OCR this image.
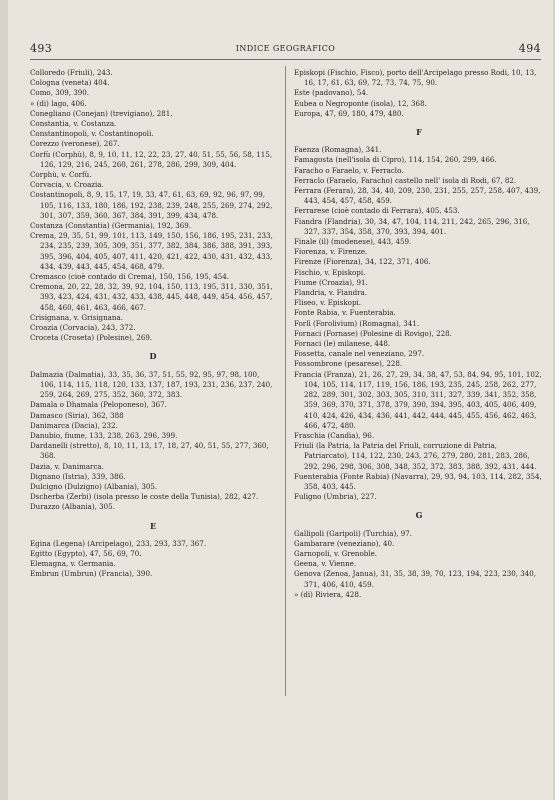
493	INDICE GEOGRAFICO	494
Colloredo (Friuli), 243.
Cologna (veneta) 404.
Como, 309, 390.
» (di) lago, 406.
Conegliano (Conejan) (trevigiano), 281.
Constantia, v. Costanza.
Constantinopoli, v. Costantinopoli.
Corezzo (veronese), 267.
Corfù (Corphù), 8, 9, 10, 11, 12, 22, 23, 27, 40, 51, 55, 56, 58, 115, 126, 129, 216, 245, 260, 261, 278, 286, 299, 309, 404.
Corphù, v. Corfù.
Corvacia, v. Croazia.
Costantinopoli, 8, 9, 15, 17, 19, 33, 47, 61, 63, 69, 92, 96, 97, 99, 105, 116, 133, 180, 186, 192, 238, 239, 248, 255, 269, 274, 292, 301, 307, 359, 360, 367, 384, 391, 399, 434, 478.
Costanza (Constantia) (Germania), 192, 369.
Crema, 29, 35, 51, 99, 101, 113, 149, 150, 156, 186, 195, 231, 233, 234, 235, 239, 305, 309, 351, 377, 382, 384, 386, 388, 391, 393, 395, 396, 404, 405, 407, 411, 420, 421, 422, 430, 431, 432, 433, 434, 439, 443, 445, 454, 468, 479.
Cremasco (cioè contado di Crema), 150, 156, 195, 454.
Cremona, 20, 22, 28, 32, 39, 92, 104, 150, 113, 195, 311, 330, 351, 393, 423, 424, 431, 432, 433, 438, 445, 448, 449, 454, 456, 457, 458, 460, 461, 463, 466, 467.
Crisignana, v. Grisignana.
Croazia (Corvacia), 243, 372.
Croceta (Croseta) (Polesine), 269.
D
Dalmazia (Dalmatia), 33, 35, 36, 37, 51, 55, 92, 95, 97, 98, 100, 106, 114, 115, 118, 120, 133, 137, 187, 193, 231, 236, 237, 240, 259, 264, 269, 275, 352, 360, 372, 383.
Damala o Dhamala (Peloponeso), 367.
Damasco (Siria), 362, 388
Danimarca (Dacia), 232.
Danubio, fiume, 133, 238, 263, 296, 399.
Dardanelli (stretto), 8, 10, 11, 13, 17, 18, 27, 40, 51, 55, 277, 360, 368.
Dazia, v. Danimarca.
Dignano (Istria), 339, 386.
Dulcigno (Dulzigno) (Albania), 305.
Dscherba (Zerbi) (isola presso le coste della Tunisia), 282, 427.
Durazzo (Albania), 305.
E
Egina (Legena) (Arcipelago), 233, 293, 337, 367.
Egitto (Egypto), 47, 56, 69, 70.
Elemagna, v. Germania.
Embrun (Umbrun) (Francia), 390.
Episkopi (Fischio, Fisco), porto dell'Arcipelago presso Rodi, 10, 13, 16, 17, 61, 63, 69, 72, 73, 74, 75, 90.
Este (padovano), 54.
Eubea o Negroponte (isola), 12, 368.
Europa, 47, 69, 180, 479, 480.
F
Faenza (Romagna), 341.
Famagosta (nell'isola di Cipro), 114, 154, 260, 299, 466.
Faracho o Faraelo, v. Ferraclo.
Ferraclo (Faraelo, Faracho) castello nell' isola di Rodi, 67, 82.
Ferrara (Ferara), 28, 34, 40, 209, 230, 231, 255, 257, 258, 407, 439, 443, 454, 457, 458, 459.
Ferrarese (cioè contado di Ferrara), 405, 453.
Fiandra (Flandria), 30, 34, 47, 104, 114, 211, 242, 265, 296, 316, 327, 337, 354, 358, 370, 393, 394, 401.
Finale (il) (modenese), 443, 459.
Fiorenza, v. Firenze.
Firenze (Fiorenza), 34, 122, 371, 406.
Fischio, v. Episkopi.
Fiume (Croazia), 91.
Flandria, v. Fiandra.
Fliseo, v. Episkopi.
Fonte Rabia, v. Fuenterabia.
Forlì (Forolivium) (Romagna), 341.
Fornaci (Fornase) (Polesine di Rovigo), 228.
Fornaci (le) milanese, 448.
Fossetta, canale nel veneziano, 297.
Fossombrone (pesarese), 228.
Francia (Franza), 21, 26, 27, 29, 34, 38, 47, 53, 84, 94, 95, 101, 102, 104, 105, 114, 117, 119, 156, 186, 193, 235, 245, 258, 262, 277, 282, 289, 301, 302, 303, 305, 310, 311, 327, 339, 341, 352, 358, 359, 369, 370, 371, 378, 379, 390, 394, 395, 403, 405, 406, 409, 410, 424, 426, 434, 436, 441, 442, 444, 445, 455, 456, 462, 463, 466, 472, 480.
Fraschia (Candia), 96.
Friuli (la Patria, la Patria del Friuli, corruzione di Patria, Patriarcato), 114, 122, 230, 243, 276, 279, 280, 281, 283, 286, 292, 296, 298, 306, 308, 348, 352, 372, 383, 388, 392, 431, 444.
Fuenterabia (Fonte Rabia) (Navarra), 29, 93, 94, 103, 114, 282, 354, 358, 403, 445.
Fuligno (Umbria), 227.
G
Gallipoli (Garipoli) (Turchia), 97.
Gambarare (veneziano), 40.
Garnopoli, v. Grenoble.
Geena, v. Vienne.
Genova (Zenoa, Janua), 31, 35, 38, 39, 70, 123, 194, 223, 230, 340, 371, 406, 410, 459.
» (di) Riviera, 428.
